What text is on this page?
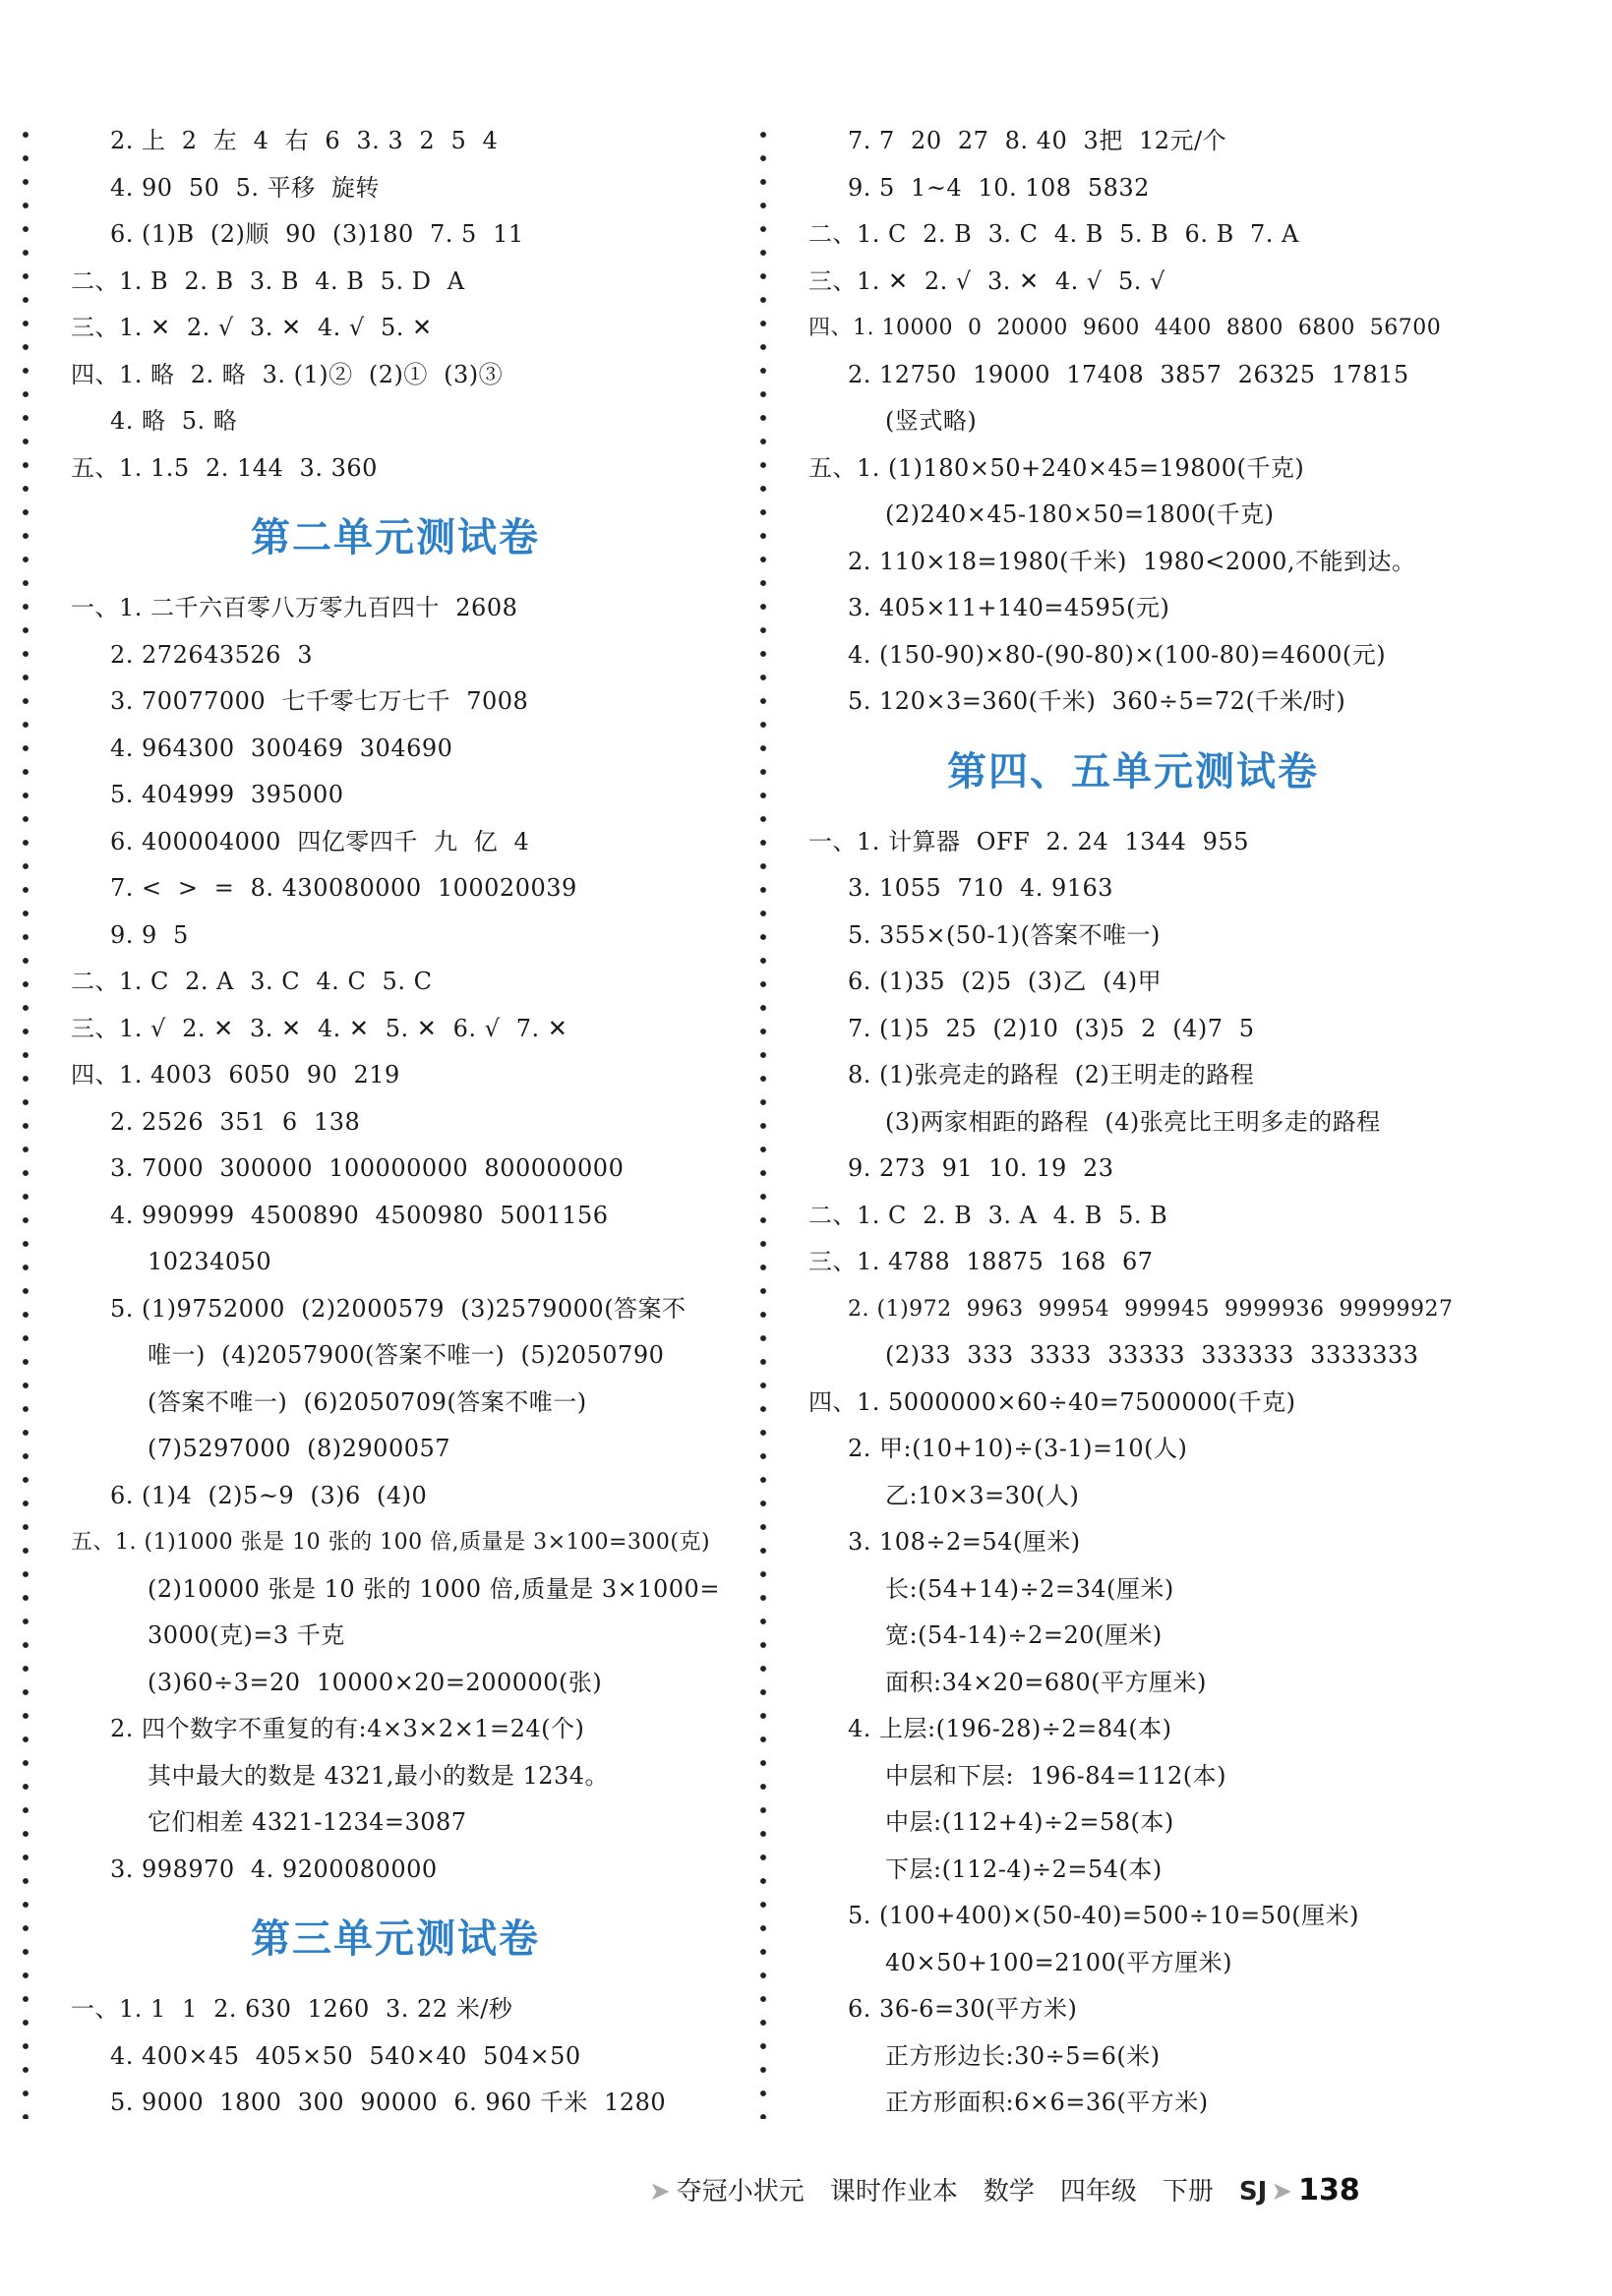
2. 上  2  左  4  右  6  3. 3  2  5  4
4. 90  50  5. 平移  旋转
6. (1)B  (2)顺  90  (3)180  7. 5  11
二、1. B  2. B  3. B  4. B  5. D  A
三、1. ✕  2. √  3. ✕  4. √  5. ✕
四、1. 略  2. 略  3. (1)②  (2)①  (3)③
4. 略  5. 略
五、1. 1.5  2. 144  3. 360
第二单元测试卷
一、1. 二千六百零八万零九百四十  2608
2. 272643526  3
3. 70077000  七千零七万七千  7008
4. 964300  300469  304690
5. 404999  395000
6. 400004000  四亿零四千  九  亿  4
7. <  >  =  8. 430080000  100020039
9. 9  5
二、1. C  2. A  3. C  4. C  5. C
三、1. √  2. ✕  3. ✕  4. ✕  5. ✕  6. √  7. ✕
四、1. 4003  6050  90  219
2. 2526  351  6  138
3. 7000  300000  100000000  800000000
4. 990999  4500890  4500980  5001156
10234050
5. (1)9752000  (2)2000579  (3)2579000(答案不
唯一)  (4)2057900(答案不唯一)  (5)2050790
(答案不唯一)  (6)2050709(答案不唯一)
(7)5297000  (8)2900057
6. (1)4  (2)5~9  (3)6  (4)0
五、1. (1)1000 张是 10 张的 100 倍,质量是 3×100=300(克)
(2)10000 张是 10 张的 1000 倍,质量是 3×1000=
3000(克)=3 千克
(3)60÷3=20  10000×20=200000(张)
2. 四个数字不重复的有:4×3×2×1=24(个)
其中最大的数是 4321,最小的数是 1234。
它们相差 4321-1234=3087
3. 998970  4. 9200080000
第三单元测试卷
一、1. 1  1  2. 630  1260  3. 22 米/秒
4. 400×45  405×50  540×40  504×50
5. 9000  1800  300  90000  6. 960 千米  1280
7. 7  20  27  8. 40  3把  12元/个
9. 5  1~4  10. 108  5832
二、1. C  2. B  3. C  4. B  5. B  6. B  7. A
三、1. ✕  2. √  3. ✕  4. √  5. √
四、1. 10000  0  20000  9600  4400  8800  6800  56700
2. 12750  19000  17408  3857  26325  17815
(竖式略)
五、1. (1)180×50+240×45=19800(千克)
(2)240×45-180×50=1800(千克)
2. 110×18=1980(千米)  1980<2000,不能到达。
3. 405×11+140=4595(元)
4. (150-90)×80-(90-80)×(100-80)=4600(元)
5. 120×3=360(千米)  360÷5=72(千米/时)
第四、五单元测试卷
一、1. 计算器  OFF  2. 24  1344  955
3. 1055  710  4. 9163
5. 355×(50-1)(答案不唯一)
6. (1)35  (2)5  (3)乙  (4)甲
7. (1)5  25  (2)10  (3)5  2  (4)7  5
8. (1)张亮走的路程  (2)王明走的路程
(3)两家相距的路程  (4)张亮比王明多走的路程
9. 273  91  10. 19  23
二、1. C  2. B  3. A  4. B  5. B
三、1. 4788  18875  168  67
2. (1)972  9963  99954  999945  9999936  99999927
(2)33  333  3333  33333  333333  3333333
四、1. 5000000×60÷40=7500000(千克)
2. 甲:(10+10)÷(3-1)=10(人)
乙:10×3=30(人)
3. 108÷2=54(厘米)
长:(54+14)÷2=34(厘米)
宽:(54-14)÷2=20(厘米)
面积:34×20=680(平方厘米)
4. 上层:(196-28)÷2=84(本)
中层和下层:  196-84=112(本)
中层:(112+4)÷2=58(本)
下层:(112-4)÷2=54(本)
5. (100+400)×(50-40)=500÷10=50(厘米)
40×50+100=2100(平方厘米)
6. 36-6=30(平方米)
正方形边长:30÷5=6(米)
正方形面积:6×6=36(平方米)
➤ 夺冠小状元 课时作业本 数学 四年级 下册 SJ ➤ 138
